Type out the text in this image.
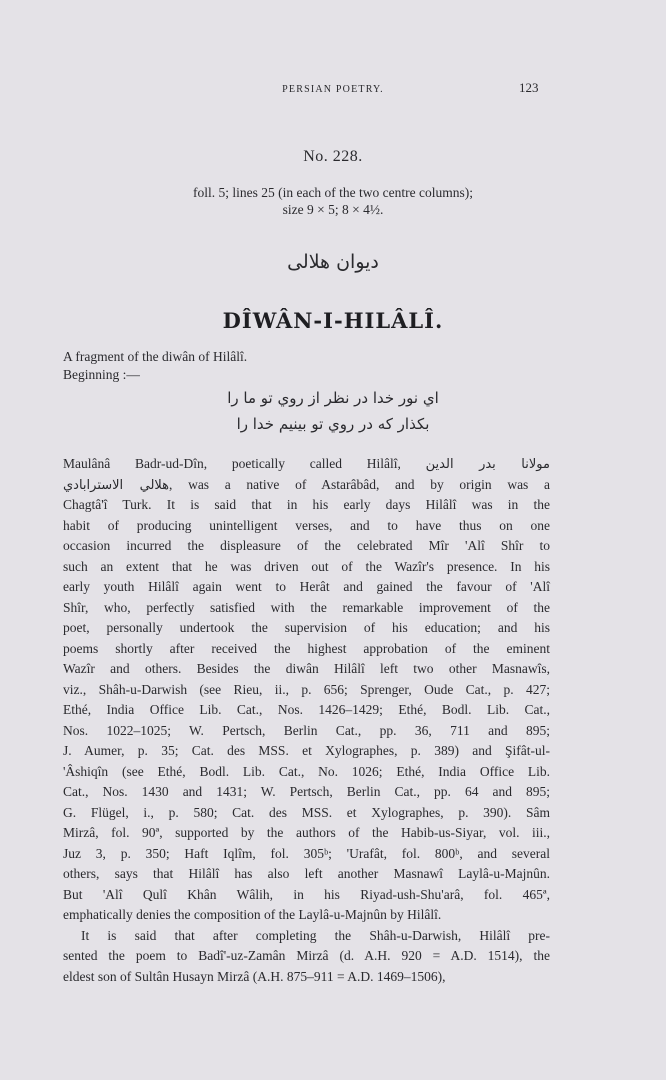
PERSIAN POETRY.	123
No. 228.
foll. 5; lines 25 (in each of the two centre columns);
size 9 × 5; 8 × 4½.
دیوان هلالی
DÎWÂN-I-HILÂLÎ.
A fragment of the diwân of Hilâlî.
Beginning :—
اي نور خدا در نظر از روي تو ما را
بکذار که در روي تو بينيم خدا را
Maulânâ Badr-ud-Dîn, poetically called Hilâlî, مولانا بدر الدين
هلالي الاسترابادي, was a native of Astarâbâd, and by origin was a
Chagtâ'î Turk. It is said that in his early days Hilâlî was in the
habit of producing unintelligent verses, and to have thus on one
occasion incurred the displeasure of the celebrated Mîr 'Alî Shîr to
such an extent that he was driven out of the Wazîr's presence. In his
early youth Hilâlî again went to Herât and gained the favour of 'Alî
Shîr, who, perfectly satisfied with the remarkable improvement of the
poet, personally undertook the supervision of his education; and his
poems shortly after received the highest approbation of the eminent
Wazîr and others. Besides the diwân Hilâlî left two other Masnawîs,
viz., Shâh-u-Darwish (see Rieu, ii., p. 656; Sprenger, Oude Cat., p. 427;
Ethé, India Office Lib. Cat., Nos. 1426–1429; Ethé, Bodl. Lib. Cat.,
Nos. 1022–1025; W. Pertsch, Berlin Cat., pp. 36, 711 and 895;
J. Aumer, p. 35; Cat. des MSS. et Xylographes, p. 389) and Şifât-ul-
'Âshiqîn (see Ethé, Bodl. Lib. Cat., No. 1026; Ethé, India Office Lib.
Cat., Nos. 1430 and 1431; W. Pertsch, Berlin Cat., pp. 64 and 895;
G. Flügel, i., p. 580; Cat. des MSS. et Xylographes, p. 390). Sâm
Mirzâ, fol. 90ª, supported by the authors of the Habib-us-Siyar, vol. iii.,
Juz 3, p. 350; Haft Iqlîm, fol. 305ᵇ; 'Urafât, fol. 800ᵇ, and several
others, says that Hilâlî has also left another Masnawî Laylâ-u-Majnûn.
But 'Alî Qulî Khân Wâlih, in his Riyad-ush-Shu'arâ, fol. 465ª,
emphatically denies the composition of the Laylâ-u-Majnûn by Hilâlî.
It is said that after completing the Shâh-u-Darwish, Hilâlî pre-
sented the poem to Badî'-uz-Zamân Mirzâ (d. A.H. 920 = A.D. 1514), the
eldest son of Sultân Husayn Mirzâ (A.H. 875–911 = A.D. 1469–1506),
